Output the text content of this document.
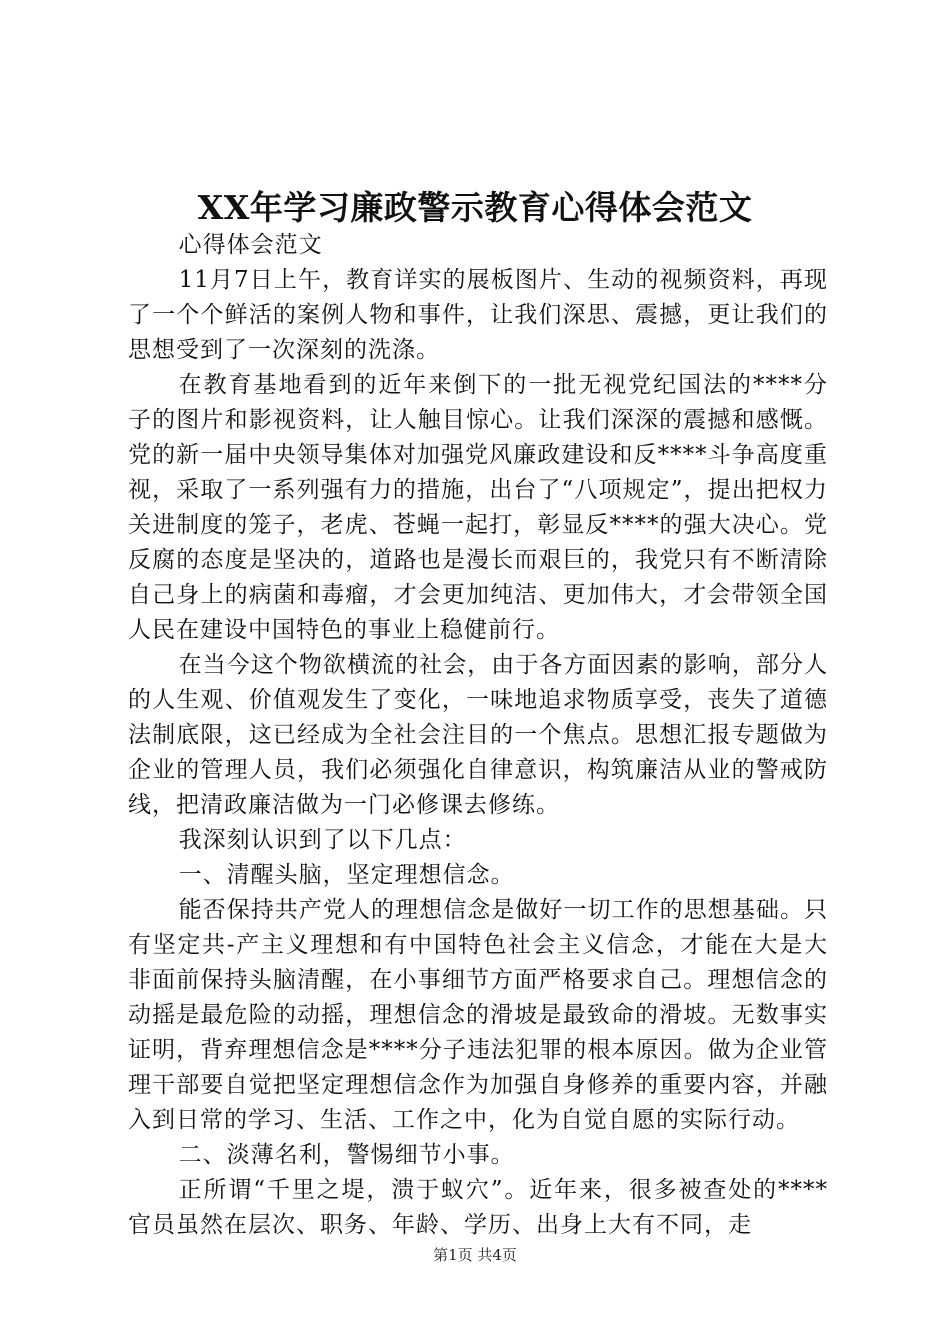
XX年学习廉政警示教育心得体会范文

心得体会范文

11月7日上午，教育详实的展板图片、生动的视频资料，再现了一个个鲜活的案例人物和事件，让我们深思、震撼，更让我们的思想受到了一次深刻的洗涤。

在教育基地看到的近年来倒下的一批无视党纪国法的****分子的图片和影视资料，让人触目惊心。让我们深深的震撼和感慨。党的新一届中央领导集体对加强党风廉政建设和反****斗争高度重视，采取了一系列强有力的措施，出台了“八项规定”，提出把权力关进制度的笼子，老虎、苍蝇一起打，彰显反****的强大决心。党反腐的态度是坚决的，道路也是漫长而艰巨的，我党只有不断清除自己身上的病菌和毒瘤，才会更加纯洁、更加伟大，才会带领全国人民在建设中国特色的事业上稳健前行。

在当今这个物欲横流的社会，由于各方面因素的影响，部分人的人生观、价值观发生了变化，一味地追求物质享受，丧失了道德法制底限，这已经成为全社会注目的一个焦点。思想汇报专题做为企业的管理人员，我们必须强化自律意识，构筑廉洁从业的警戒防线，把清政廉洁做为一门必修课去修练。

我深刻认识到了以下几点：

一、清醒头脑，坚定理想信念。

能否保持共产党人的理想信念是做好一切工作的思想基础。只有坚定共-产主义理想和有中国特色社会主义信念，才能在大是大非面前保持头脑清醒，在小事细节方面严格要求自己。理想信念的动摇是最危险的动摇，理想信念的滑坡是最致命的滑坡。无数事实证明，背弃理想信念是****分子违法犯罪的根本原因。做为企业管理干部要自觉把坚定理想信念作为加强自身修养的重要内容，并融入到日常的学习、生活、工作之中，化为自觉自愿的实际行动。

二、淡薄名利，警惕细节小事。

正所谓“千里之堤，溃于蚁穴”。近年来，很多被查处的****官员虽然在层次、职务、年龄、学历、出身上大有不同，走

第1页 共4页
